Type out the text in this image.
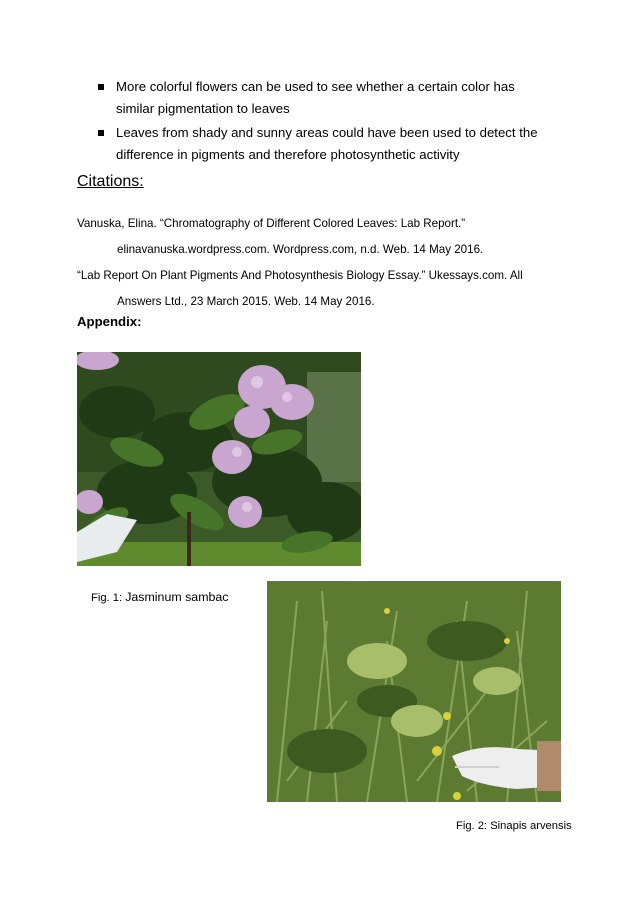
More colorful flowers can be used to see whether a certain color has
similar pigmentation to leaves
Leaves from shady and sunny areas could have been used to detect the
difference in pigments and therefore photosynthetic activity
Citations:

Vanuska, Elina. “Chromatography of Different Colored Leaves: Lab Report.”

elinavanuska.wordpress.com. Wordpress.com, n.d. Web. 14 May 2016.

“Lab Report On Plant Pigments And Photosynthesis Biology Essay.” Ukessays.com. All

Answers Ltd., 23 March 2015. Web. 14 May 2016.

Appendix:

Fig. 1: Jasminum sambac

Fig. 2: Sinapis arvensis
